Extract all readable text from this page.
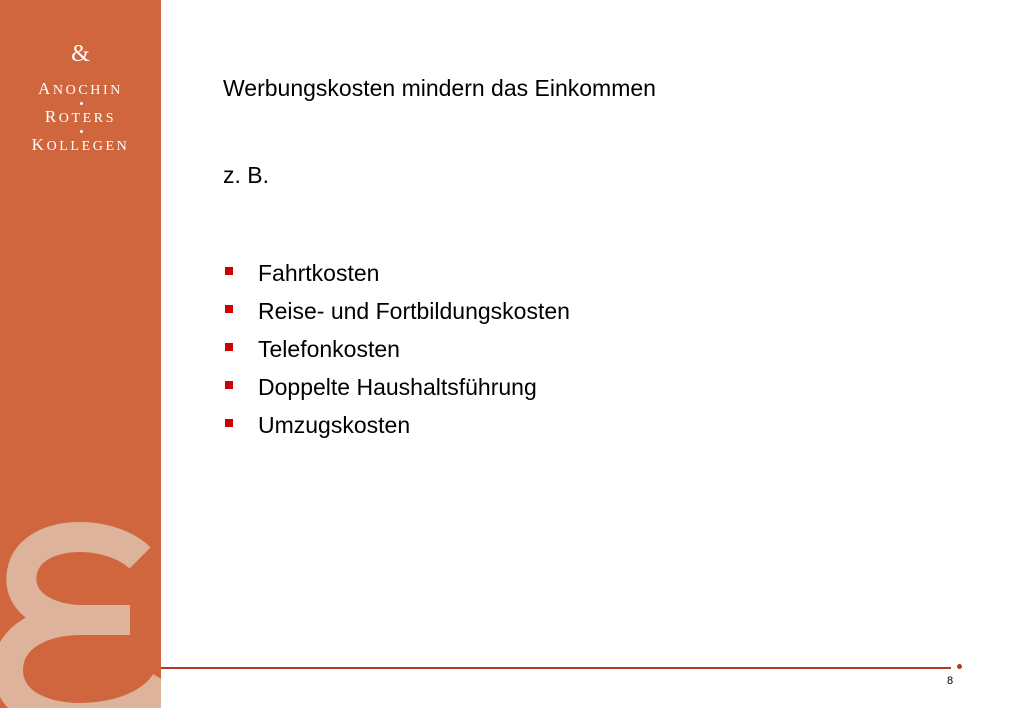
&
ANOCHIN
ROTERS
KOLLEGEN
Werbungskosten mindern das Einkommen

z. B.

Fahrtkosten
Reise- und Fortbildungskosten
Telefonkosten
Doppelte Haushaltsführung
Umzugskosten
8
